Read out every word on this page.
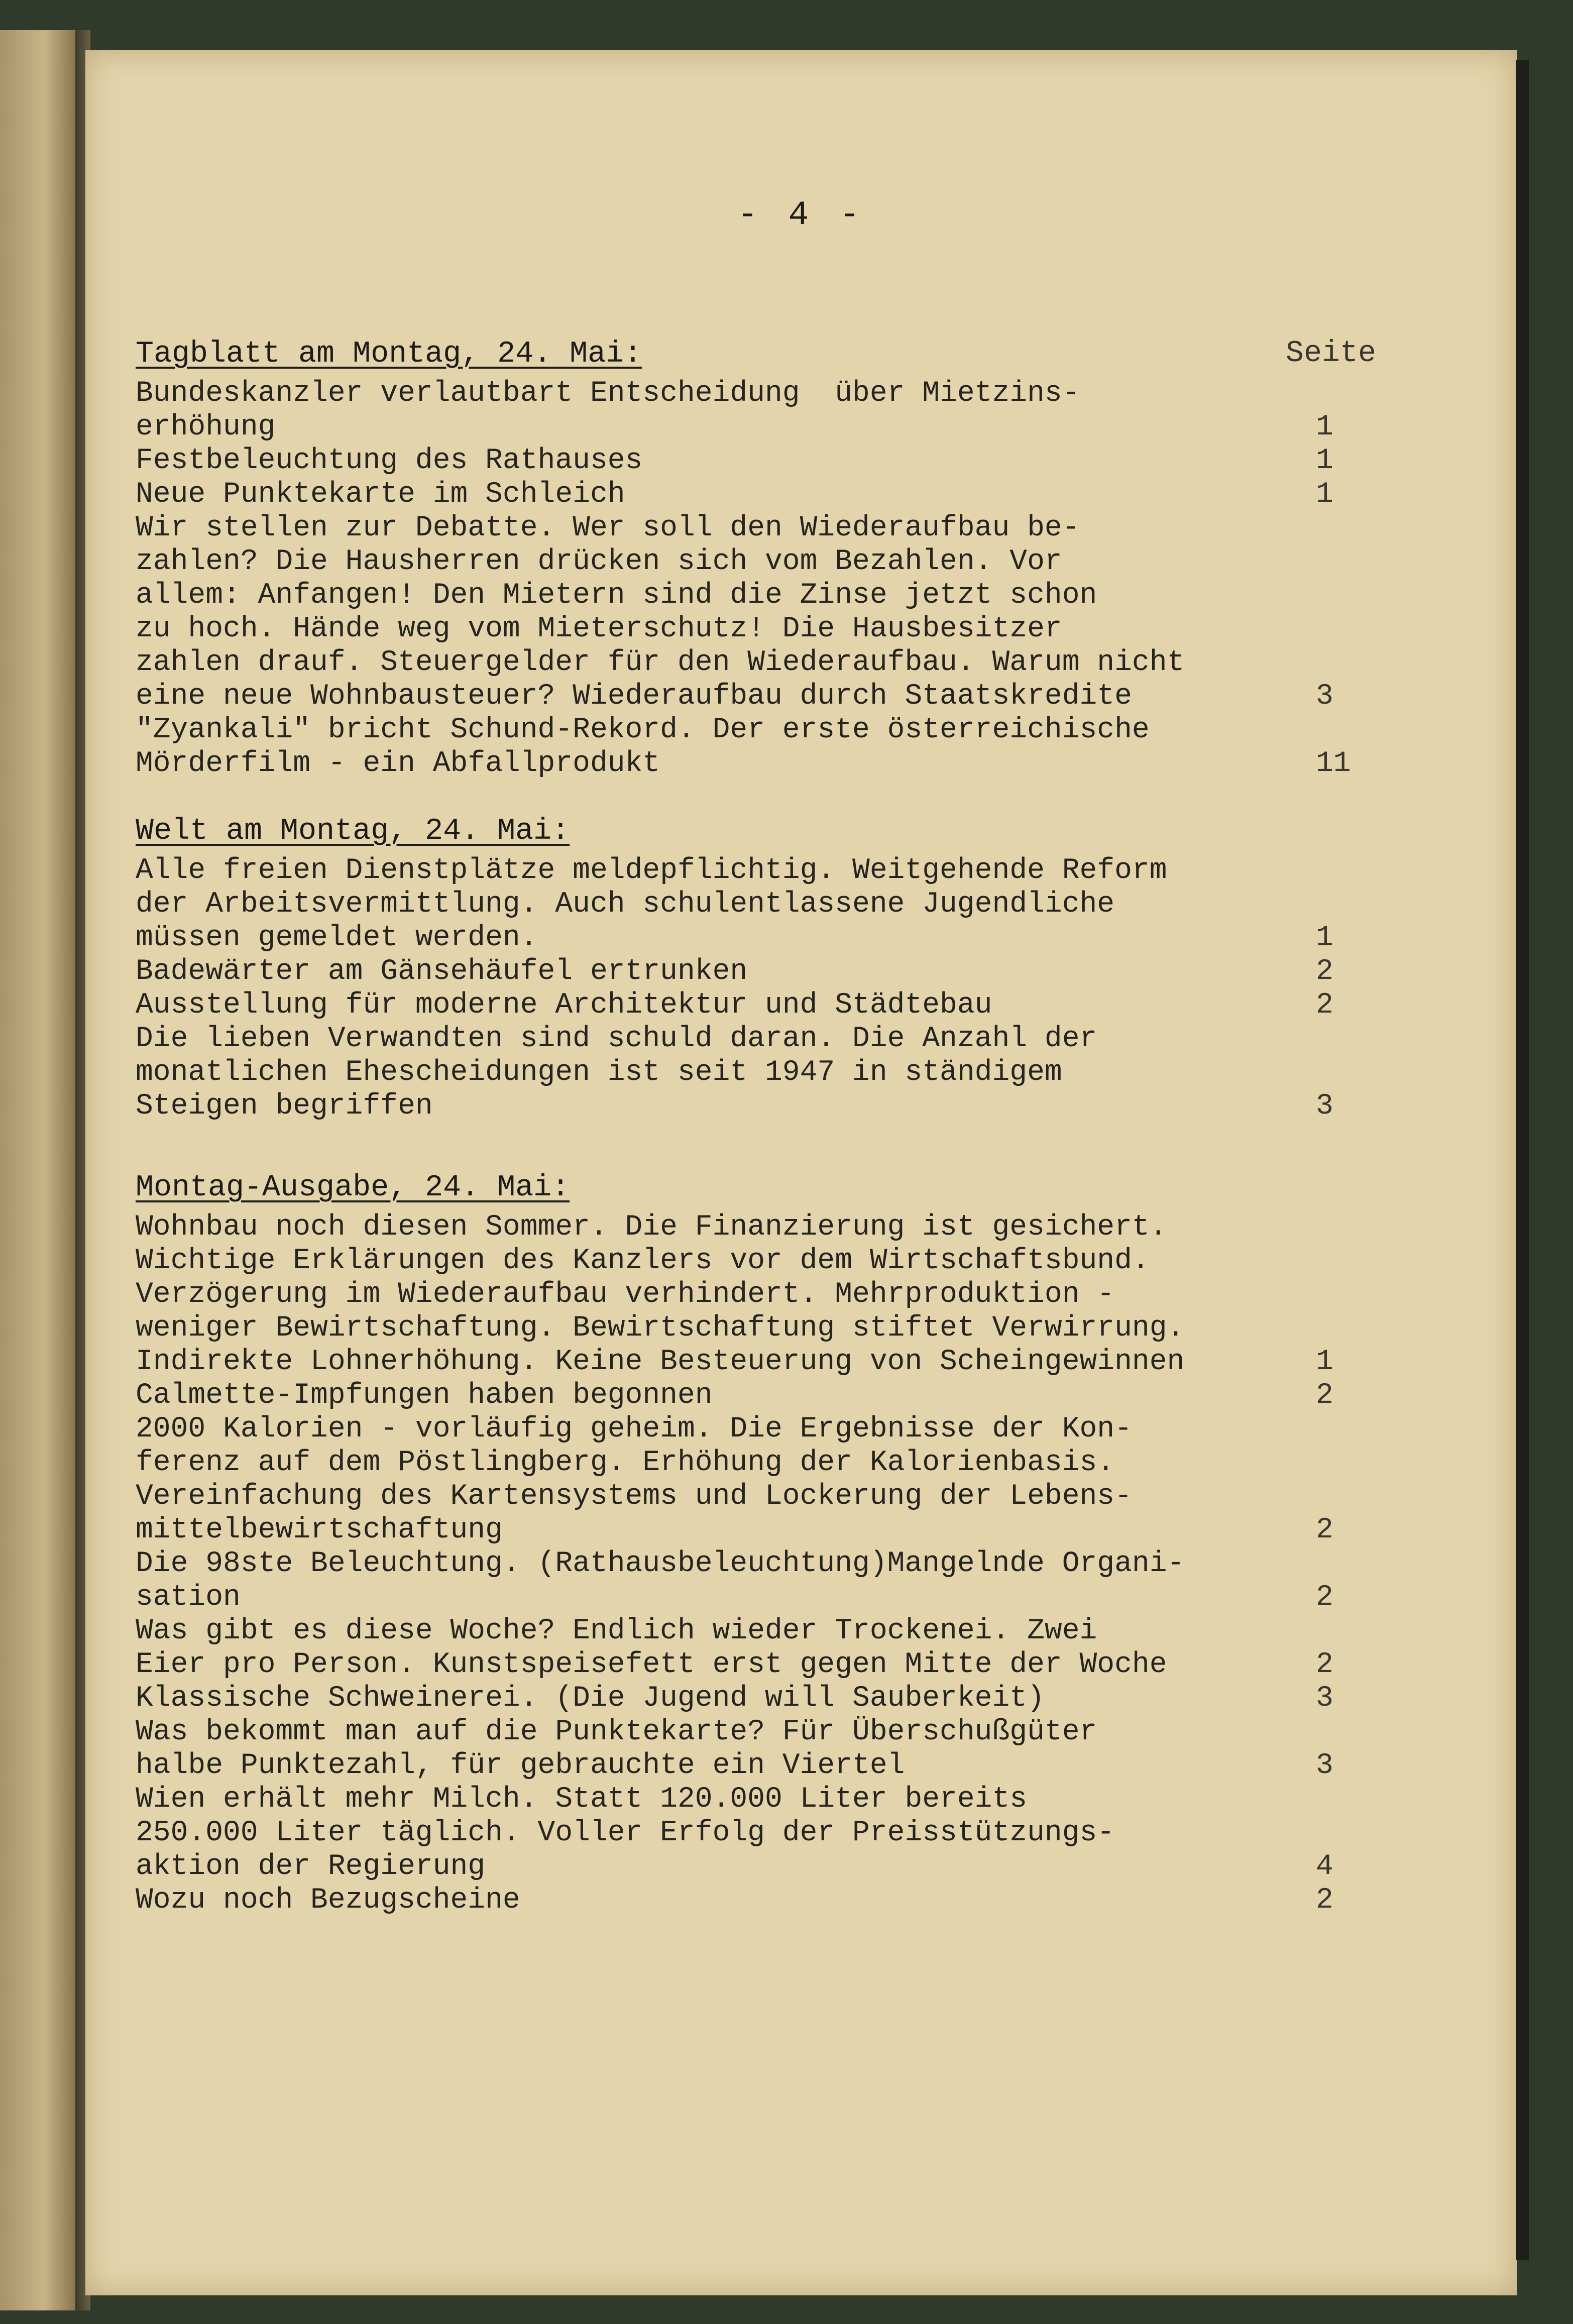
- 4 -
Seite
Tagblatt am Montag, 24. Mai:
Bundeskanzler verlautbart Entscheidung  über Mietzins-
erhöhung	1
Festbeleuchtung des Rathauses	1
Neue Punktekarte im Schleich	1
Wir stellen zur Debatte. Wer soll den Wiederaufbau be-
zahlen? Die Hausherren drücken sich vom Bezahlen. Vor
allem: Anfangen! Den Mietern sind die Zinse jetzt schon
zu hoch. Hände weg vom Mieterschutz! Die Hausbesitzer
zahlen drauf. Steuergelder für den Wiederaufbau. Warum nicht
eine neue Wohnbausteuer? Wiederaufbau durch Staatskredite	3
"Zyankali" bricht Schund-Rekord. Der erste österreichische
Mörderfilm - ein Abfallprodukt	11
Welt am Montag, 24. Mai:
Alle freien Dienstplätze meldepflichtig. Weitgehende Reform
der Arbeitsvermittlung. Auch schulentlassene Jugendliche
müssen gemeldet werden.	1
Badewärter am Gänsehäufel ertrunken	2
Ausstellung für moderne Architektur und Städtebau	2
Die lieben Verwandten sind schuld daran. Die Anzahl der
monatlichen Ehescheidungen ist seit 1947 in ständigem
Steigen begriffen	3
Montag-Ausgabe, 24. Mai:
Wohnbau noch diesen Sommer. Die Finanzierung ist gesichert.
Wichtige Erklärungen des Kanzlers vor dem Wirtschaftsbund.
Verzögerung im Wiederaufbau verhindert. Mehrproduktion -
weniger Bewirtschaftung. Bewirtschaftung stiftet Verwirrung.
Indirekte Lohnerhöhung. Keine Besteuerung von Scheingewinnen	1
Calmette-Impfungen haben begonnen	2
2000 Kalorien - vorläufig geheim. Die Ergebnisse der Kon-
ferenz auf dem Pöstlingberg. Erhöhung der Kalorienbasis.
Vereinfachung des Kartensystems und Lockerung der Lebens-
mittelbewirtschaftung	2
Die 98ste Beleuchtung. (Rathausbeleuchtung)Mangelnde Organi-
sation	2
Was gibt es diese Woche? Endlich wieder Trockenei. Zwei
Eier pro Person. Kunstspeisefett erst gegen Mitte der Woche	2
Klassische Schweinerei. (Die Jugend will Sauberkeit)	3
Was bekommt man auf die Punktekarte? Für Überschußgüter
halbe Punktezahl, für gebrauchte ein Viertel	3
Wien erhält mehr Milch. Statt 120.000 Liter bereits
250.000 Liter täglich. Voller Erfolg der Preisstützungs-
aktion der Regierung	4
Wozu noch Bezugscheine	2
